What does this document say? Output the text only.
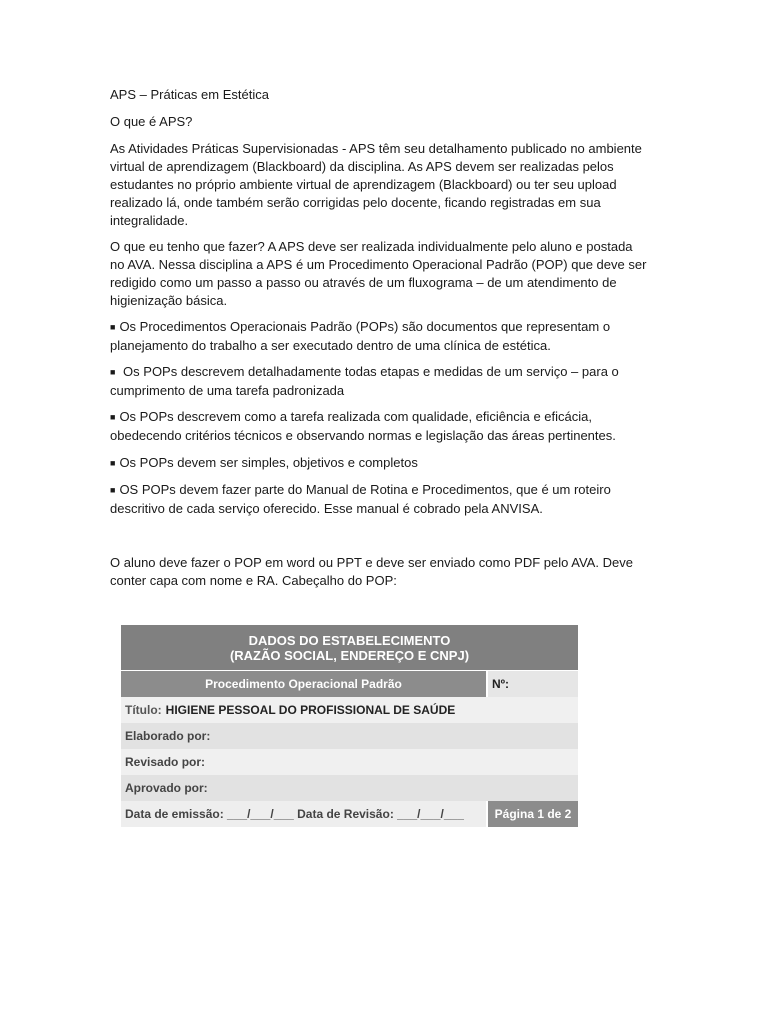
APS – Práticas em Estética

O que é APS?

As Atividades Práticas Supervisionadas - APS têm seu detalhamento publicado no ambiente virtual de aprendizagem (Blackboard) da disciplina. As APS devem ser realizadas pelos estudantes no próprio ambiente virtual de aprendizagem (Blackboard) ou ter seu upload realizado lá, onde também serão corrigidas pelo docente, ficando registradas em sua integralidade.

O que eu tenho que fazer? A APS deve ser realizada individualmente pelo aluno e postada no AVA. Nessa disciplina a APS é um Procedimento Operacional Padrão (POP) que deve ser redigido como um passo a passo ou através de um fluxograma – de um atendimento de higienização básica.

■ Os Procedimentos Operacionais Padrão (POPs) são documentos que representam o planejamento do trabalho a ser executado dentro de uma clínica de estética.

■ Os POPs descrevem detalhadamente todas etapas e medidas de um serviço – para o cumprimento de uma tarefa padronizada

■ Os POPs descrevem como a tarefa realizada com qualidade, eficiência e eficácia, obedecendo critérios técnicos e observando normas e legislação das áreas pertinentes.

■ Os POPs devem ser simples, objetivos e completos

■ OS POPs devem fazer parte do Manual de Rotina e Procedimentos, que é um roteiro descritivo de cada serviço oferecido. Esse manual é cobrado pela ANVISA.

O aluno deve fazer o POP em word ou PPT e deve ser enviado como PDF pelo AVA. Deve conter capa com nome e RA. Cabeçalho do POP:

DADOS DO ESTABELECIMENTO
(RAZÃO SOCIAL, ENDEREÇO E CNPJ)
Procedimento Operacional Padrão	Nº:
Título: HIGIENE PESSOAL DO PROFISSIONAL DE SAÚDE
Elaborado por:
Revisado por:
Aprovado por:
Data de emissão: ___/___/___ Data de Revisão: ___/___/___	Página 1 de 2
